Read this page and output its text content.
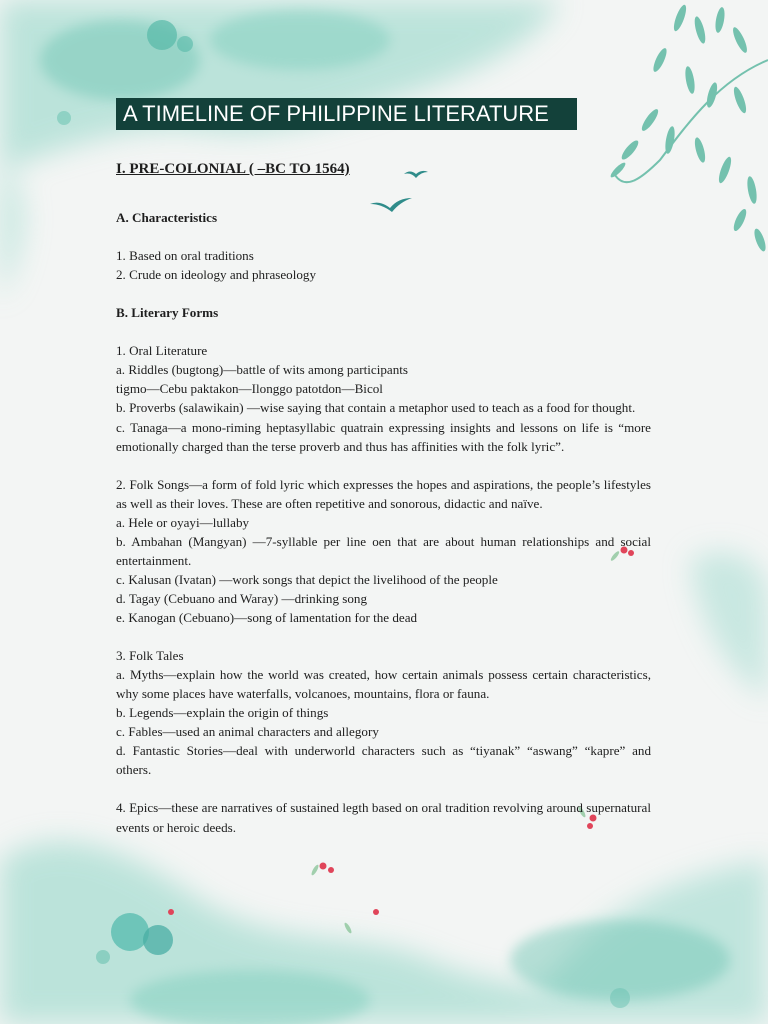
A TIMELINE OF PHILIPPINE LITERATURE
I. PRE-COLONIAL ( –BC TO 1564)

A. Characteristics

1. Based on oral traditions

2. Crude on ideology and phraseology

B. Literary Forms

1. Oral Literature

a. Riddles (bugtong)—battle of wits among participants

tigmo—Cebu paktakon—Ilonggo patotdon—Bicol

b. Proverbs (salawikain) —wise saying that contain a metaphor used to teach as a food for thought.

c. Tanaga—a mono-riming heptasyllabic quatrain expressing insights and lessons on life is “more emotionally charged than the terse proverb and thus has affinities with the folk lyric”.

2. Folk Songs—a form of fold lyric which expresses the hopes and aspirations, the people’s lifestyles as well as their loves. These are often repetitive and sonorous, didactic and naïve.

a. Hele or oyayi—lullaby

b. Ambahan (Mangyan) —7-syllable per line oen that are about human relationships and social entertainment.

c. Kalusan (Ivatan) —work songs that depict the livelihood of the people

d. Tagay (Cebuano and Waray) —drinking song

e. Kanogan (Cebuano)—song of lamentation for the dead

3. Folk Tales

a. Myths—explain how the world was created, how certain animals possess certain characteristics, why some places have waterfalls, volcanoes, mountains, flora or fauna.

b. Legends—explain the origin of things

c. Fables—used an animal characters and allegory

d. Fantastic Stories—deal with underworld characters such as “tiyanak” “aswang” “kapre” and others.

4. Epics—these are narratives of sustained legth based on oral tradition revolving around supernatural events or heroic deeds.
